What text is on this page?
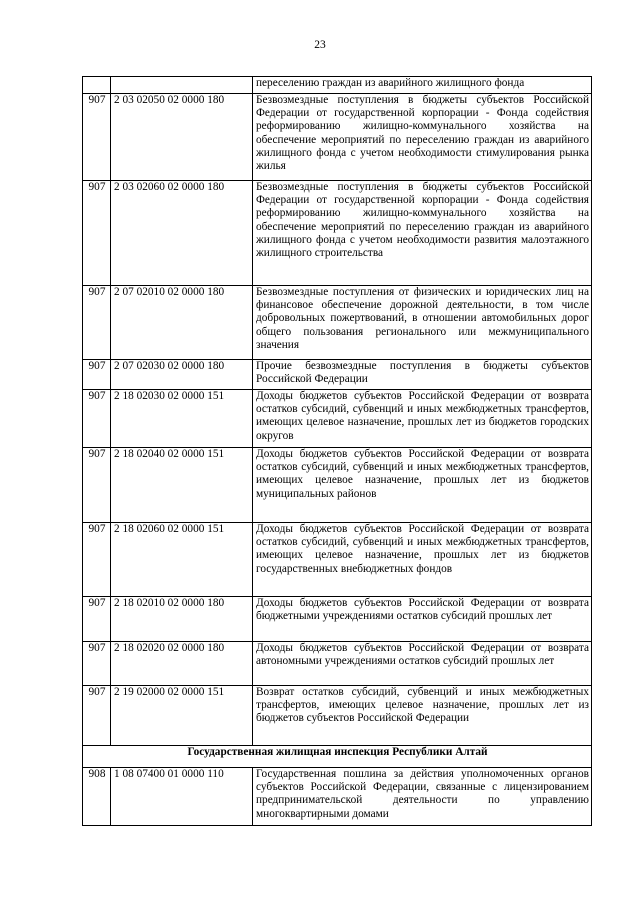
23
		переселению граждан из аварийного жилищного фонда
907	2 03 02050 02 0000 180	Безвозмездные поступления в бюджеты субъектов Российской Федерации от государственной корпорации - Фонда содействия реформированию жилищно-коммунального хозяйства на обеспечение мероприятий по переселению граждан из аварийного жилищного фонда с учетом необходимости стимулирования рынка жилья
907	2 03 02060 02 0000 180	Безвозмездные поступления в бюджеты субъектов Российской Федерации от государственной корпорации - Фонда содействия реформированию жилищно-коммунального хозяйства на обеспечение мероприятий по переселению граждан из аварийного жилищного фонда с учетом необходимости развития малоэтажного жилищного строительства
907	2 07 02010 02 0000 180	Безвозмездные поступления от физических и юридических лиц на финансовое обеспечение дорожной деятельности, в том числе добровольных пожертвований, в отношении автомобильных дорог общего пользования регионального или межмуниципального значения
907	2 07 02030 02 0000 180	Прочие безвозмездные поступления в бюджеты субъектов Российской Федерации
907	2 18 02030 02 0000 151	Доходы бюджетов субъектов Российской Федерации от возврата остатков субсидий, субвенций и иных межбюджетных трансфертов, имеющих целевое назначение, прошлых лет из бюджетов городских округов
907	2 18 02040 02 0000 151	Доходы бюджетов субъектов Российской Федерации от возврата остатков субсидий, субвенций и иных межбюджетных трансфертов, имеющих целевое назначение, прошлых лет из бюджетов муниципальных районов
907	2 18 02060 02 0000 151	Доходы бюджетов субъектов Российской Федерации от возврата остатков субсидий, субвенций и иных межбюджетных трансфертов, имеющих целевое назначение, прошлых лет из бюджетов государственных внебюджетных фондов
907	2 18 02010 02 0000 180	Доходы бюджетов субъектов Российской Федерации от возврата бюджетными учреждениями остатков субсидий прошлых лет
907	2 18 02020 02 0000 180	Доходы бюджетов субъектов Российской Федерации от возврата автономными учреждениями остатков субсидий прошлых лет
907	2 19 02000 02 0000 151	Возврат остатков субсидий, субвенций и иных межбюджетных трансфертов, имеющих целевое назначение, прошлых лет из бюджетов субъектов Российской Федерации
Государственная жилищная инспекция Республики Алтай		
908	1 08 07400 01 0000 110	Государственная пошлина за действия уполномоченных органов субъектов Российской Федерации, связанные с лицензированием предпринимательской деятельности по управлению многоквартирными домами
